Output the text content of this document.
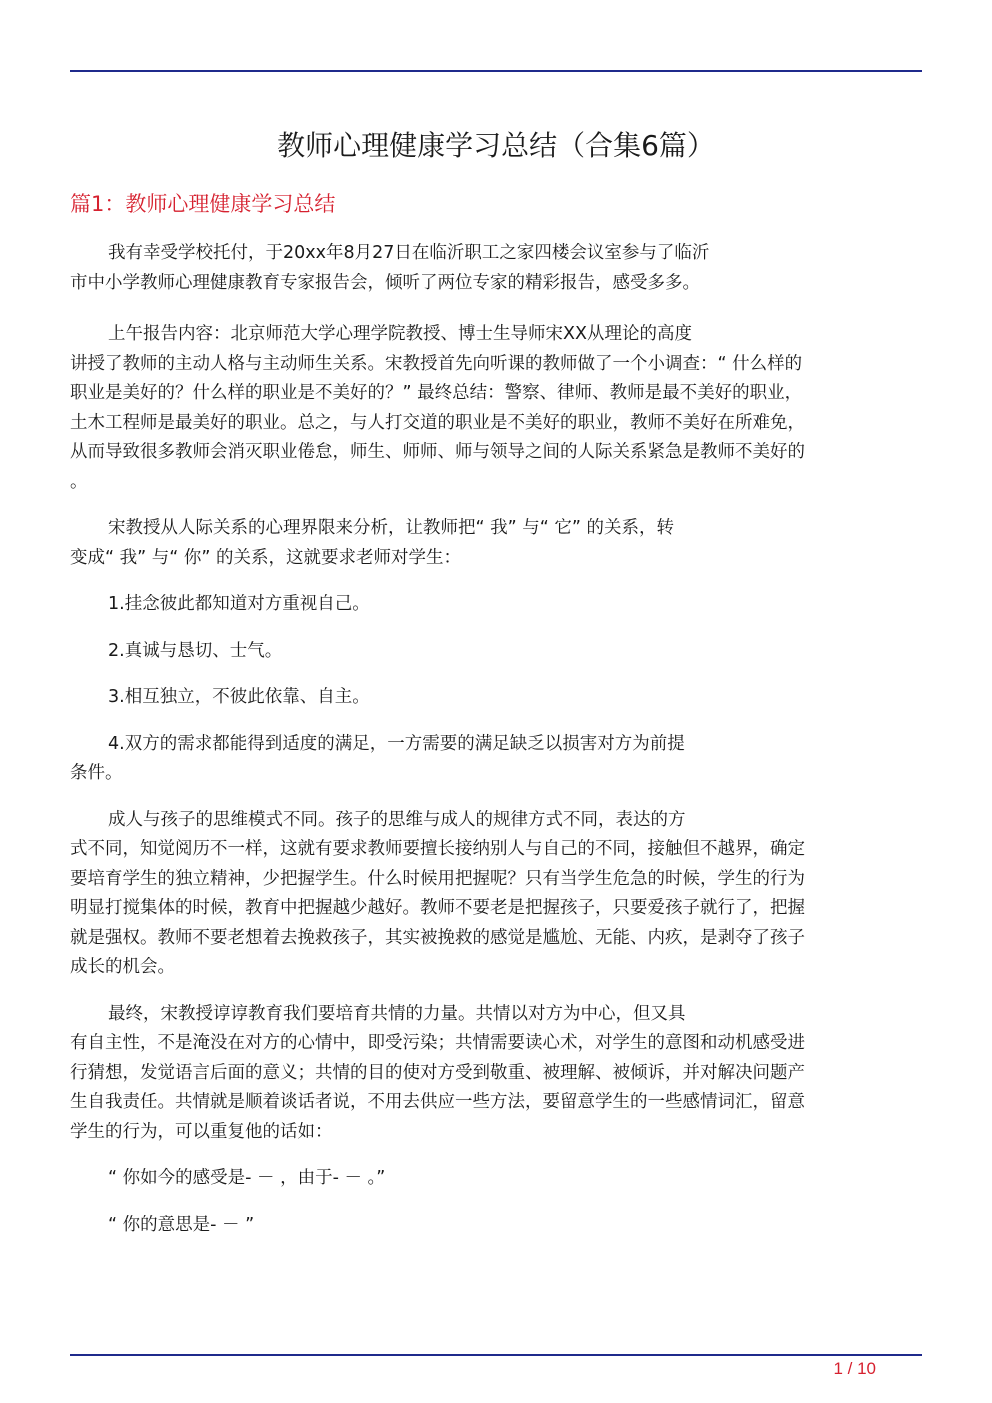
教师心理健康学习总结（合集6篇）
篇1：教师心理健康学习总结

我有幸受学校托付，于20xx年8月27日在临沂职工之家四楼会议室参与了临沂
市中小学教师心理健康教育专家报告会，倾听了两位专家的精彩报告，感受多多。

上午报告内容：北京师范大学心理学院教授、博士生导师宋XX从理论的高度
讲授了教师的主动人格与主动师生关系。宋教授首先向听课的教师做了一个小调查：“ 什么样的
职业是美好的？什么样的职业是不美好的？” 最终总结：警察、律师、教师是最不美好的职业，
土木工程师是最美好的职业。总之，与人打交道的职业是不美好的职业，教师不美好在所难免，
从而导致很多教师会消灭职业倦怠，师生、师师、师与领导之间的人际关系紧急是教师不美好的
。

宋教授从人际关系的心理界限来分析，让教师把“ 我” 与“ 它” 的关系，转
变成“ 我” 与“ 你” 的关系，这就要求老师对学生：

1.挂念彼此都知道对方重视自己。

2.真诚与恳切、士气。

3.相互独立，不彼此依靠、自主。

4.双方的需求都能得到适度的满足，一方需要的满足缺乏以损害对方为前提
条件。

成人与孩子的思维模式不同。孩子的思维与成人的规律方式不同，表达的方
式不同，知觉阅历不一样，这就有要求教师要擅长接纳别人与自己的不同，接触但不越界，确定
要培育学生的独立精神，少把握学生。什么时候用把握呢？只有当学生危急的时候，学生的行为
明显打搅集体的时候，教育中把握越少越好。教师不要老是把握孩子，只要爱孩子就行了，把握
就是强权。教师不要老想着去挽救孩子，其实被挽救的感觉是尴尬、无能、内疚，是剥夺了孩子
成长的机会。

最终，宋教授谆谆教育我们要培育共情的力量。共情以对方为中心，但又具
有自主性，不是淹没在对方的心情中，即受污染；共情需要读心术，对学生的意图和动机感受进
行猜想，发觉语言后面的意义；共情的目的使对方受到敬重、被理解、被倾诉，并对解决问题产
生自我责任。共情就是顺着谈话者说，不用去供应一些方法，要留意学生的一些感情词汇，留意
学生的行为，可以重复他的话如：

“ 你如今的感受是- － ，由于- － 。”

“ 你的意思是- － ”

1 / 10
